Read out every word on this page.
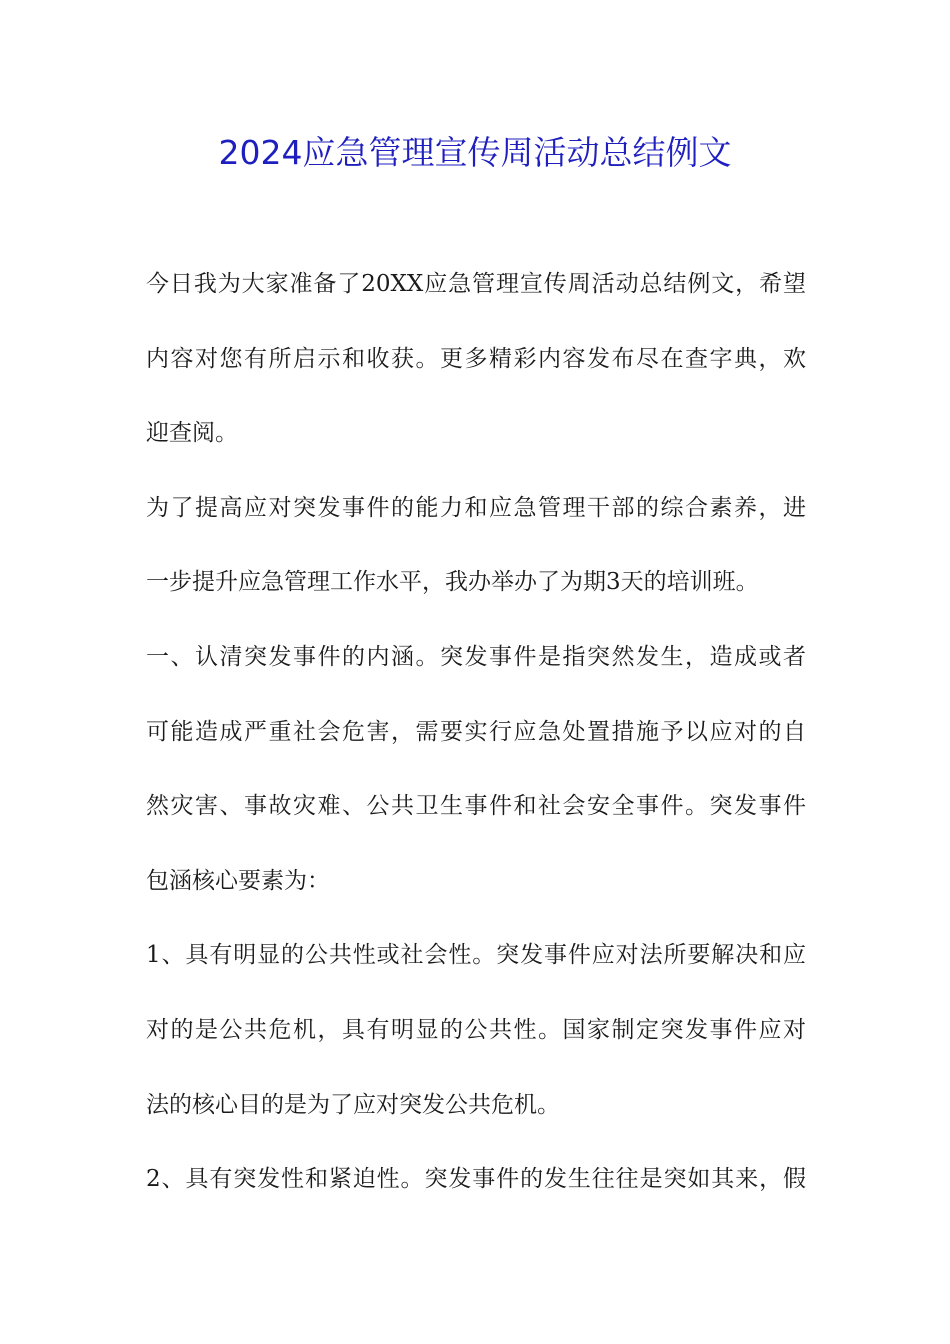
2024应急管理宣传周活动总结例文

今日我为大家准备了20XX应急管理宣传周活动总结例文，希望
内容对您有所启示和收获。更多精彩内容发布尽在查字典，欢
迎查阅。

为了提高应对突发事件的能力和应急管理干部的综合素养，进
一步提升应急管理工作水平，我办举办了为期3天的培训班。

一、认清突发事件的内涵。突发事件是指突然发生，造成或者
可能造成严重社会危害，需要实行应急处置措施予以应对的自
然灾害、事故灾难、公共卫生事件和社会安全事件。突发事件
包涵核心要素为：

1、具有明显的公共性或社会性。突发事件应对法所要解决和应
对的是公共危机，具有明显的公共性。国家制定突发事件应对
法的核心目的是为了应对突发公共危机。

2、具有突发性和紧迫性。突发事件的发生往往是突如其来，假
